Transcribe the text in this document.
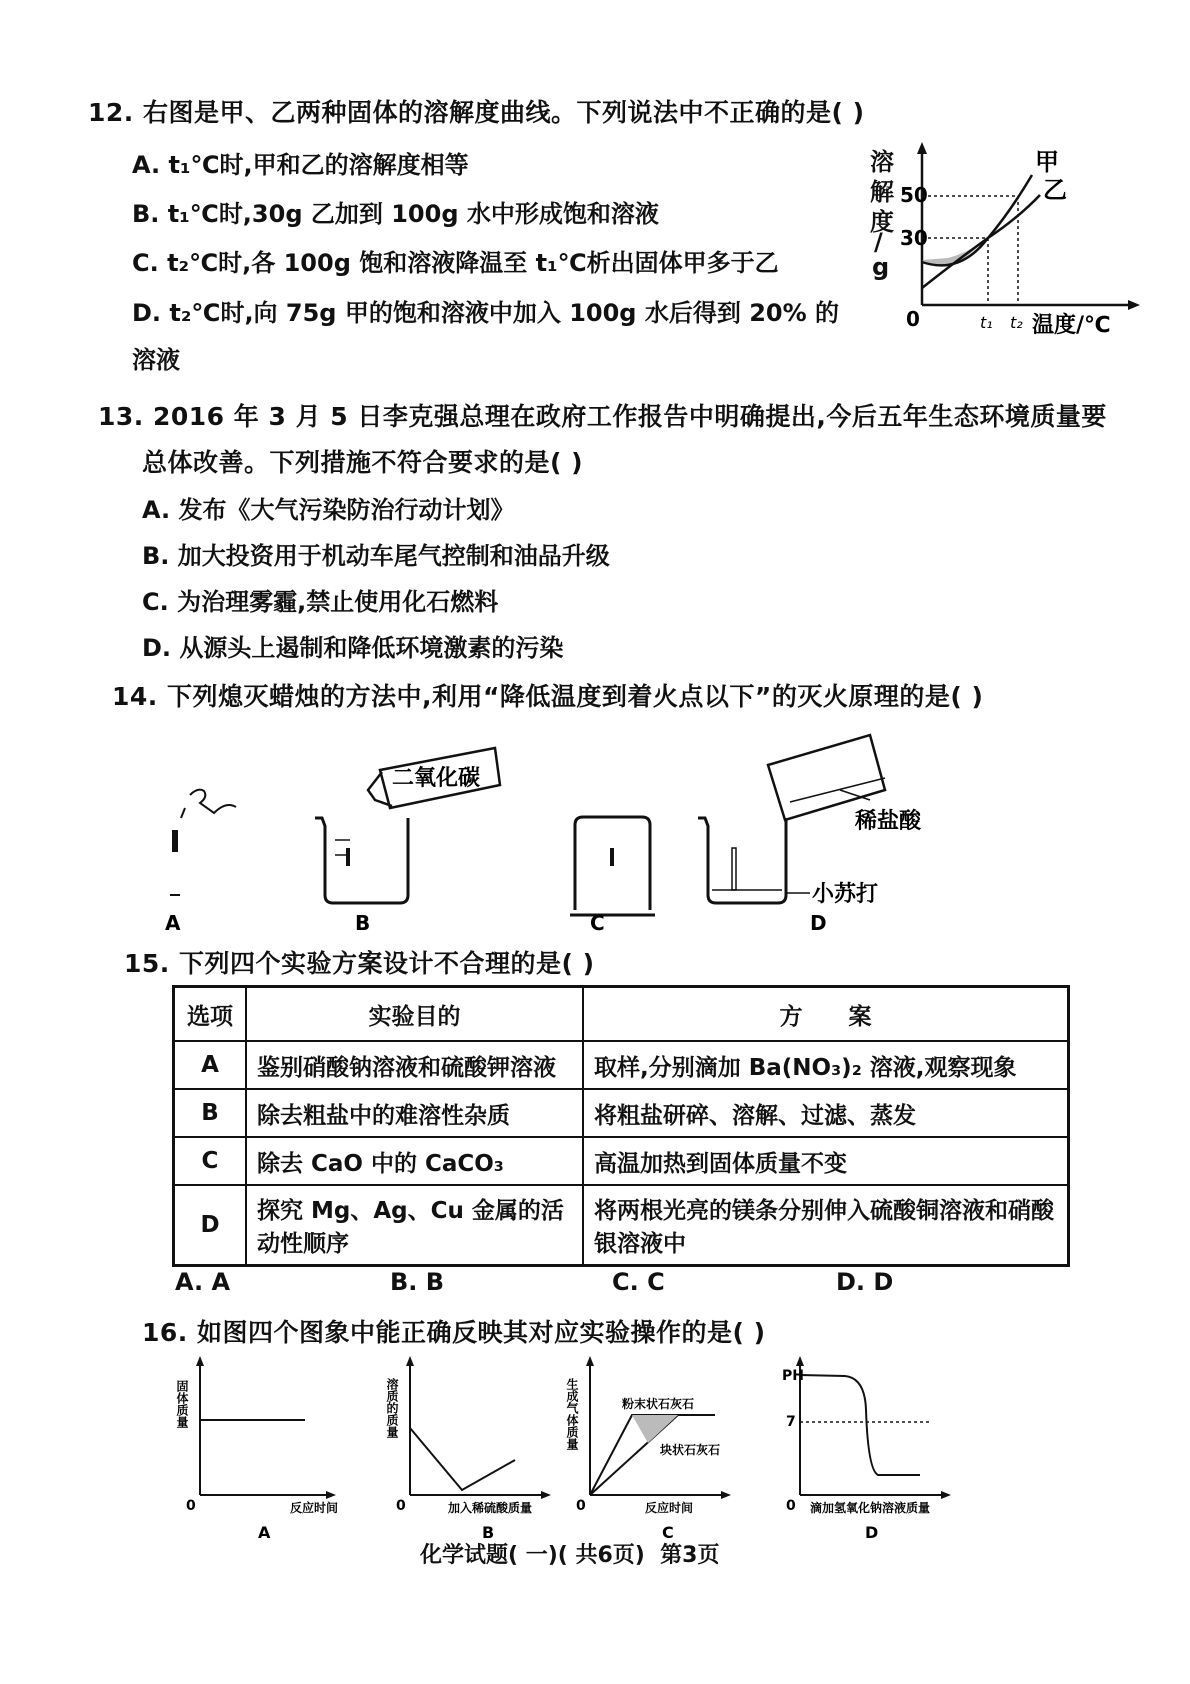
12. 右图是甲、乙两种固体的溶解度曲线。下列说法中不正确的是( )
A. t₁℃时,甲和乙的溶解度相等
B. t₁℃时,30g 乙加到 100g 水中形成饱和溶液
C. t₂℃时,各 100g 饱和溶液降温至 t₁℃析出固体甲多于乙
D. t₂℃时,向 75g 甲的饱和溶液中加入 100g 水后得到 20% 的
溶液
溶
解
度
/
g
50
30
0
甲
乙
t₁ t₂ 温度/℃
13. 2016 年 3 月 5 日李克强总理在政府工作报告中明确提出,今后五年生态环境质量要
总体改善。下列措施不符合要求的是( )
A. 发布《大气污染防治行动计划》
B. 加大投资用于机动车尾气控制和油品升级
C. 为治理雾霾,禁止使用化石燃料
D. 从源头上遏制和降低环境激素的污染
14. 下列熄灭蜡烛的方法中,利用“降低温度到着火点以下”的灭火原理的是( )
二氧化碳
稀盐酸
小苏打
A	B	C	D
15. 下列四个实验方案设计不合理的是( )
选项	实验目的	方　　案
A	鉴别硝酸钠溶液和硫酸钾溶液	取样,分别滴加 Ba(NO₃)₂ 溶液,观察现象
B	除去粗盐中的难溶性杂质	将粗盐研碎、溶解、过滤、蒸发
C	除去 CaO 中的 CaCO₃	高温加热到固体质量不变
D	探究 Mg、Ag、Cu 金属的活动性顺序	将两根光亮的镁条分别伸入硫酸铜溶液和硝酸银溶液中
A. A	B. B	C. C	D. D
16. 如图四个图象中能正确反映其对应实验操作的是( )
0
固体质量
反应时间
A
0
溶质的质量
加入稀硫酸质量
B
0
生成气体质量	粉末状石灰石
块状石灰石
反应时间
C
0
7
PH
滴加氢氧化钠溶液质量
D
化学试题( 一)( 共6页)  第3页
